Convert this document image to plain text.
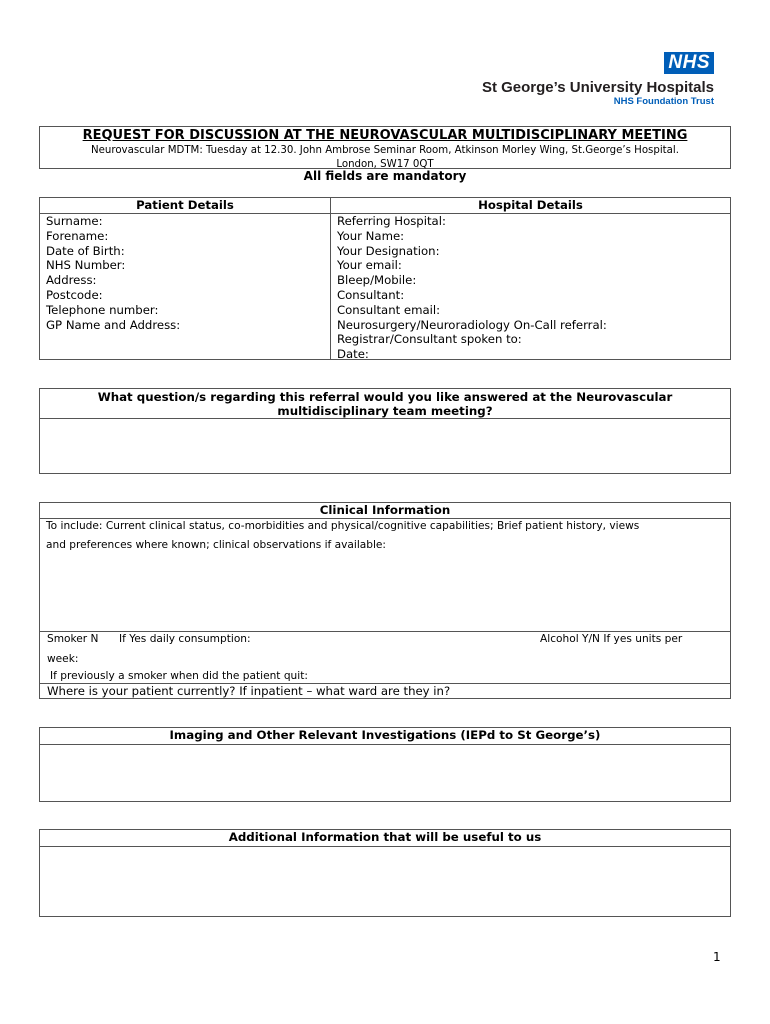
NHS
St George’s University Hospitals
NHS Foundation Trust
REQUEST FOR DISCUSSION AT THE NEUROVASCULAR MULTIDISCIPLINARY MEETING
Neurovascular MDTM: Tuesday at 12.30. John Ambrose Seminar Room, Atkinson Morley Wing, St.George’s Hospital.
London, SW17 0QT
All fields are mandatory
Patient Details
Surname:
Forename:
Date of Birth:
NHS Number:
Address:
Postcode:
Telephone number:
GP Name and Address:
Hospital Details
Referring Hospital:
Your Name:
Your Designation:
Your email:
Bleep/Mobile:
Consultant:
Consultant email:
Neurosurgery/Neuroradiology On-Call referral:
Registrar/Consultant spoken to:
Date:
What question/s regarding this referral would you like answered at the Neurovascular
multidisciplinary team meeting?
Clinical Information
To include: Current clinical status, co-morbidities and physical/cognitive capabilities; Brief patient history, views
and preferences where known; clinical observations if available:
Smoker N If Yes daily consumption:	Alcohol Y/N If yes units per
week:
If previously a smoker when did the patient quit:
Where is your patient currently? If inpatient – what ward are they in?
Imaging and Other Relevant Investigations (IEPd to St George’s)
Additional Information that will be useful to us
1
